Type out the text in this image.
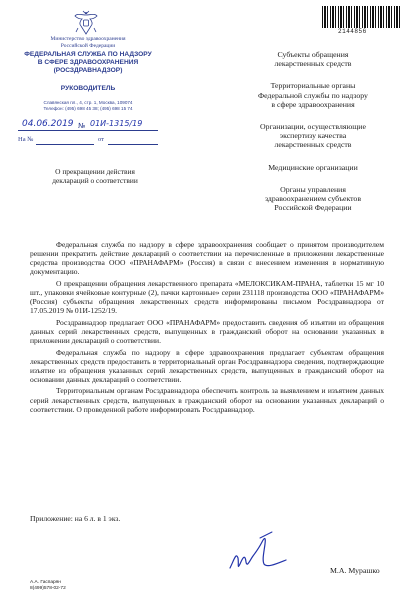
2144856
Министерство здравоохранения
Российской Федерации
ФЕДЕРАЛЬНАЯ СЛУЖБА ПО НАДЗОРУ
В СФЕРЕ ЗДРАВООХРАНЕНИЯ
(РОСЗДРАВНАДЗОР)
РУКОВОДИТЕЛЬ
Славянская пл., 4, стр. 1, Москва, 109074
Телефон: (495) 698 45 38; (495) 698 15 74
04.06.2019 № 01И-1315/19
На №	от
О прекращении действия
деклараций о соответствии
Субъекты обращения
лекарственных средств
Территориальные органы
Федеральной службы по надзору
в сфере здравоохранения
Организации, осуществляющие
экспертизу качества
лекарственных средств
Медицинские организации
Органы управления
здравоохранением субъектов
Российской Федерации

Федеральная служба по надзору в сфере здравоохранения сообщает о принятом производителем решении прекратить действие деклараций о соответствии на перечисленные в приложении лекарственные средства производства ООО «ПРАНАФАРМ» (Россия) в связи с внесением изменения в нормативную документацию.

О прекращении обращения лекарственного препарата «МЕЛОКСИКАМ-ПРАНА, таблетки 15 мг 10 шт., упаковки ячейковые контурные (2), пачки картонные» серии 231118 производства ООО «ПРАНАФАРМ» (Россия) субъекты обращения лекарственных средств информированы письмом Росздравнадзора от 17.05.2019 № 01И-1252/19.

Росздравнадзор предлагает ООО «ПРАНАФАРМ» предоставить сведения об изъятии из обращения данных серий лекарственных средств, выпущенных в гражданский оборот на основании указанных в приложении деклараций о соответствии.

Федеральная служба по надзору в сфере здравоохранения предлагает субъектам обращения лекарственных средств предоставить в территориальный орган Росздравнадзора сведения, подтверждающие изъятие из обращения указанных серий лекарственных средств, выпущенных в гражданский оборот на основании данных деклараций о соответствии.

Территориальным органам Росздравнадзора обеспечить контроль за выявлением и изъятием данных серий лекарственных средств, выпущенных в гражданский оборот на основании указанных деклараций о соответствии. О проведенной работе информировать Росздравнадзор.

Приложение: на 6 л. в 1 экз.
М.А. Мурашко
А.А. Гаспарян
8(499)578-02-72
